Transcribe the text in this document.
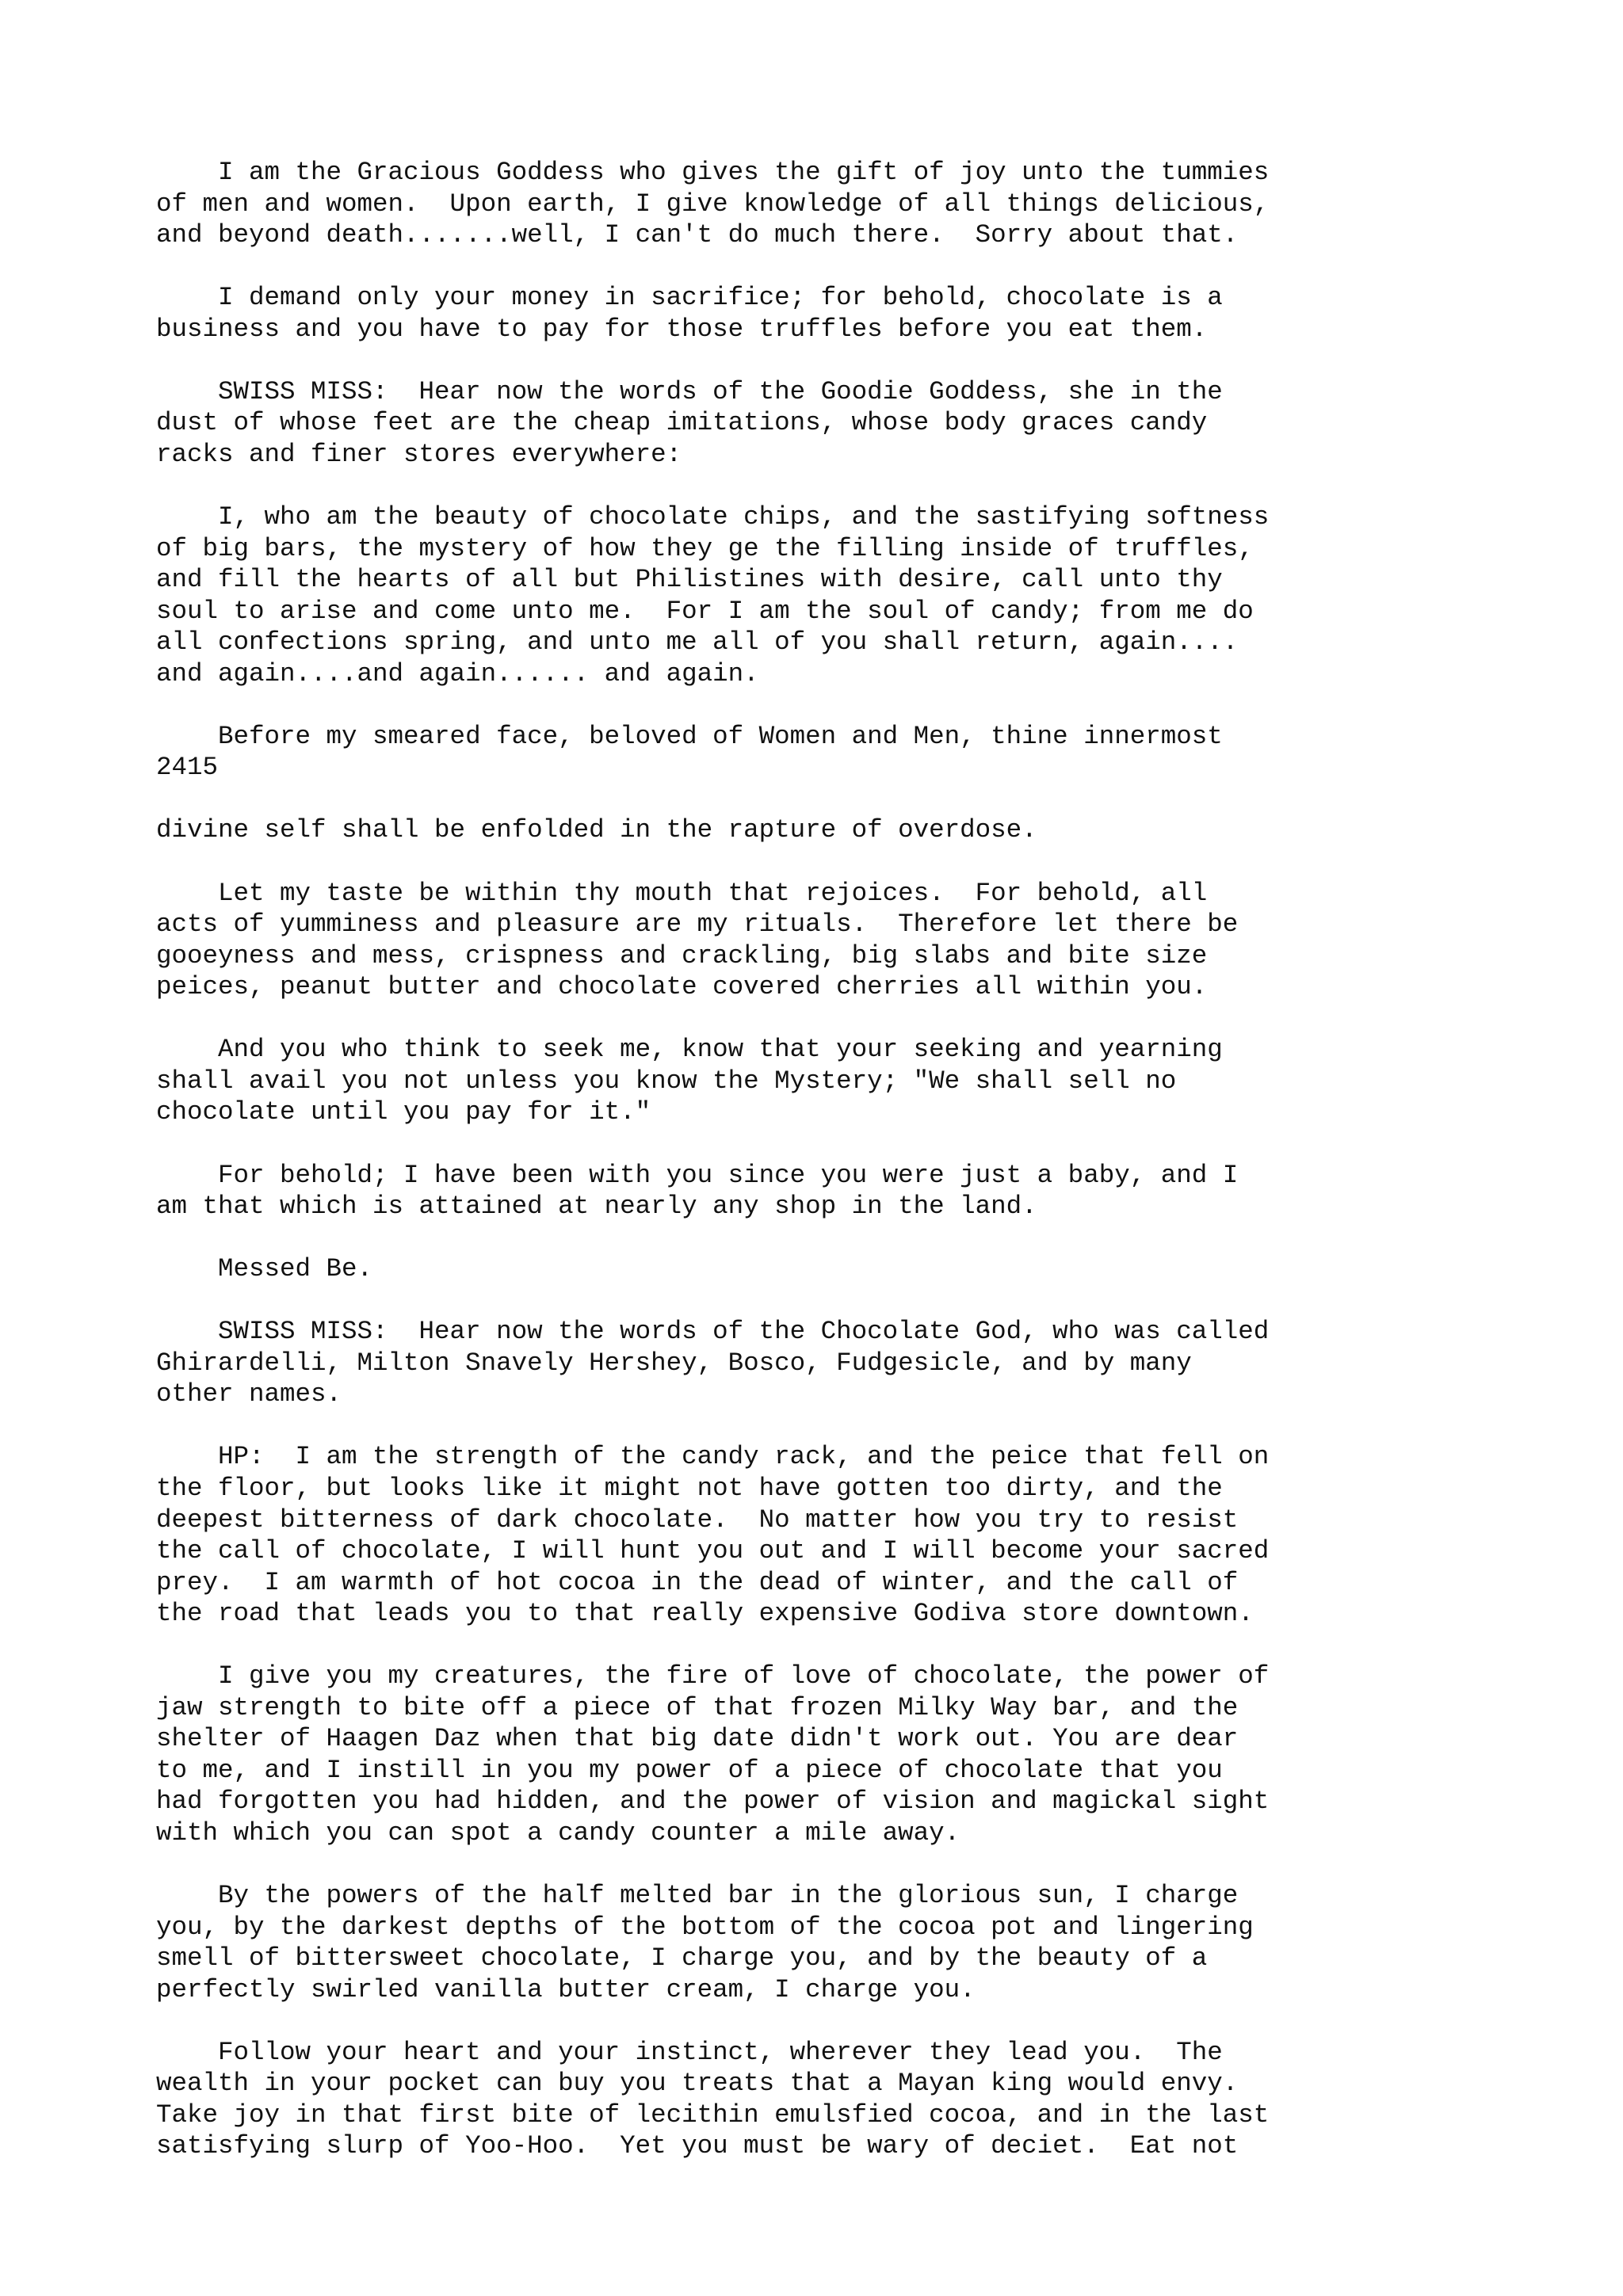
I am the Gracious Goddess who gives the gift of joy unto the tummies
of men and women.  Upon earth, I give knowledge of all things delicious,
and beyond death.......well, I can't do much there.  Sorry about that.
I demand only your money in sacrifice; for behold, chocolate is a
business and you have to pay for those truffles before you eat them.
SWISS MISS:  Hear now the words of the Goodie Goddess, she in the
dust of whose feet are the cheap imitations, whose body graces candy
racks and finer stores everywhere:
I, who am the beauty of chocolate chips, and the sastifying softness
of big bars, the mystery of how they ge the filling inside of truffles,
and fill the hearts of all but Philistines with desire, call unto thy
soul to arise and come unto me.  For I am the soul of candy; from me do
all confections spring, and unto me all of you shall return, again....
and again....and again...... and again.
Before my smeared face, beloved of Women and Men, thine innermost
2415
divine self shall be enfolded in the rapture of overdose.
Let my taste be within thy mouth that rejoices.  For behold, all
acts of yumminess and pleasure are my rituals.  Therefore let there be
gooeyness and mess, crispness and crackling, big slabs and bite size
peices, peanut butter and chocolate covered cherries all within you.
And you who think to seek me, know that your seeking and yearning
shall avail you not unless you know the Mystery; "We shall sell no
chocolate until you pay for it."
For behold; I have been with you since you were just a baby, and I
am that which is attained at nearly any shop in the land.
Messed Be.
SWISS MISS:  Hear now the words of the Chocolate God, who was called
Ghirardelli, Milton Snavely Hershey, Bosco, Fudgesicle, and by many
other names.
HP:  I am the strength of the candy rack, and the peice that fell on
the floor, but looks like it might not have gotten too dirty, and the
deepest bitterness of dark chocolate.  No matter how you try to resist
the call of chocolate, I will hunt you out and I will become your sacred
prey.  I am warmth of hot cocoa in the dead of winter, and the call of
the road that leads you to that really expensive Godiva store downtown.
I give you my creatures, the fire of love of chocolate, the power of
jaw strength to bite off a piece of that frozen Milky Way bar, and the
shelter of Haagen Daz when that big date didn't work out. You are dear
to me, and I instill in you my power of a piece of chocolate that you
had forgotten you had hidden, and the power of vision and magickal sight
with which you can spot a candy counter a mile away.
By the powers of the half melted bar in the glorious sun, I charge
you, by the darkest depths of the bottom of the cocoa pot and lingering
smell of bittersweet chocolate, I charge you, and by the beauty of a
perfectly swirled vanilla butter cream, I charge you.
Follow your heart and your instinct, wherever they lead you.  The
wealth in your pocket can buy you treats that a Mayan king would envy.
Take joy in that first bite of lecithin emulsfied cocoa, and in the last
satisfying slurp of Yoo-Hoo.  Yet you must be wary of deciet.  Eat not
